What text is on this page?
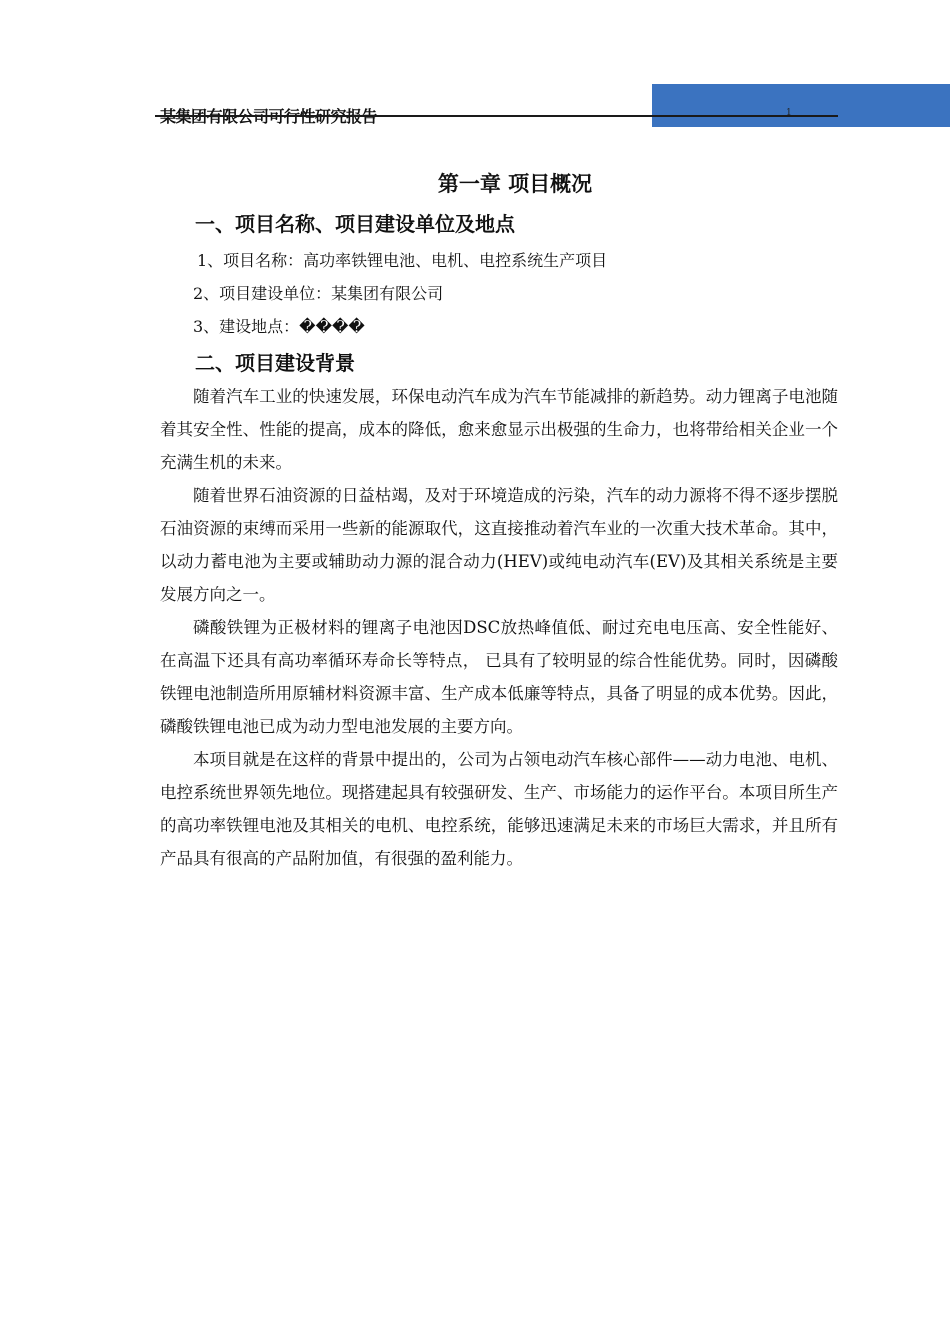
1
第一章 项目概况
一、项目名称、项目建设单位及地点
1、项目名称：高功率铁锂电池、电机、电控系统生产项目
2、项目建设单位：某集团有限公司
3、建设地点：����
二、项目建设背景

随着汽车工业的快速发展，环保电动汽车成为汽车节能减排的新趋势。动力锂离子电池随着其安全性、性能的提高，成本的降低，愈来愈显示出极强的生命力，也将带给相关企业一个充满生机的未来。

随着世界石油资源的日益枯竭，及对于环境造成的污染，汽车的动力源将不得不逐步摆脱石油资源的束缚而采用一些新的能源取代，这直接推动着汽车业的一次重大技术革命。其中，以动力蓄电池为主要或辅助动力源的混合动力(HEV)或纯电动汽车(EV)及其相关系统是主要发展方向之一。

磷酸铁锂为正极材料的锂离子电池因DSC放热峰值低、耐过充电电压高、安全性能好、在高温下还具有高功率循环寿命长等特点， 已具有了较明显的综合性能优势。同时，因磷酸铁锂电池制造所用原辅材料资源丰富、生产成本低廉等特点，具备了明显的成本优势。因此，磷酸铁锂电池已成为动力型电池发展的主要方向。

本项目就是在这样的背景中提出的，公司为占领电动汽车核心部件——动力电池、电机、电控系统世界领先地位。现搭建起具有较强研发、生产、市场能力的运作平台。本项目所生产的高功率铁锂电池及其相关的电机、电控系统，能够迅速满足未来的市场巨大需求，并且所有产品具有很高的产品附加值，有很强的盈利能力。
